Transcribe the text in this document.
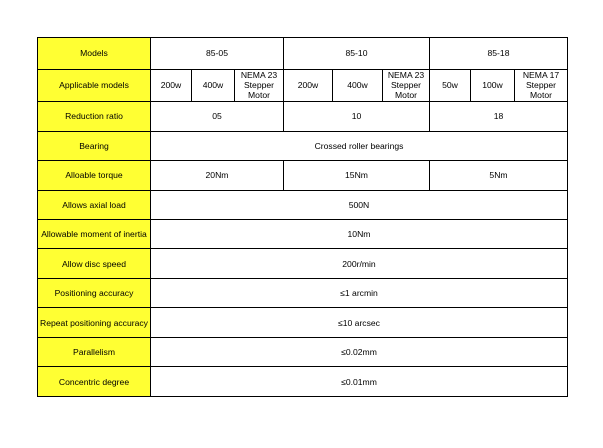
Models	85-05			85-10			85-18		
Applicable models	200w	400w	NEMA 23 Stepper Motor	200w	400w	NEMA 23 Stepper Motor	50w	100w	NEMA 17 Stepper Motor
Reduction ratio	05			10			18		
Bearing	Crossed roller bearings								
Alloable torque	20Nm			15Nm			5Nm		
Allows axial load	500N								
Allowable moment of inertia	10Nm								
Allow disc speed	200r/min								
Positioning accuracy	≤1 arcmin								
Repeat positioning accuracy	≤10 arcsec								
Parallelism	≤0.02mm								
Concentric degree	≤0.01mm								
